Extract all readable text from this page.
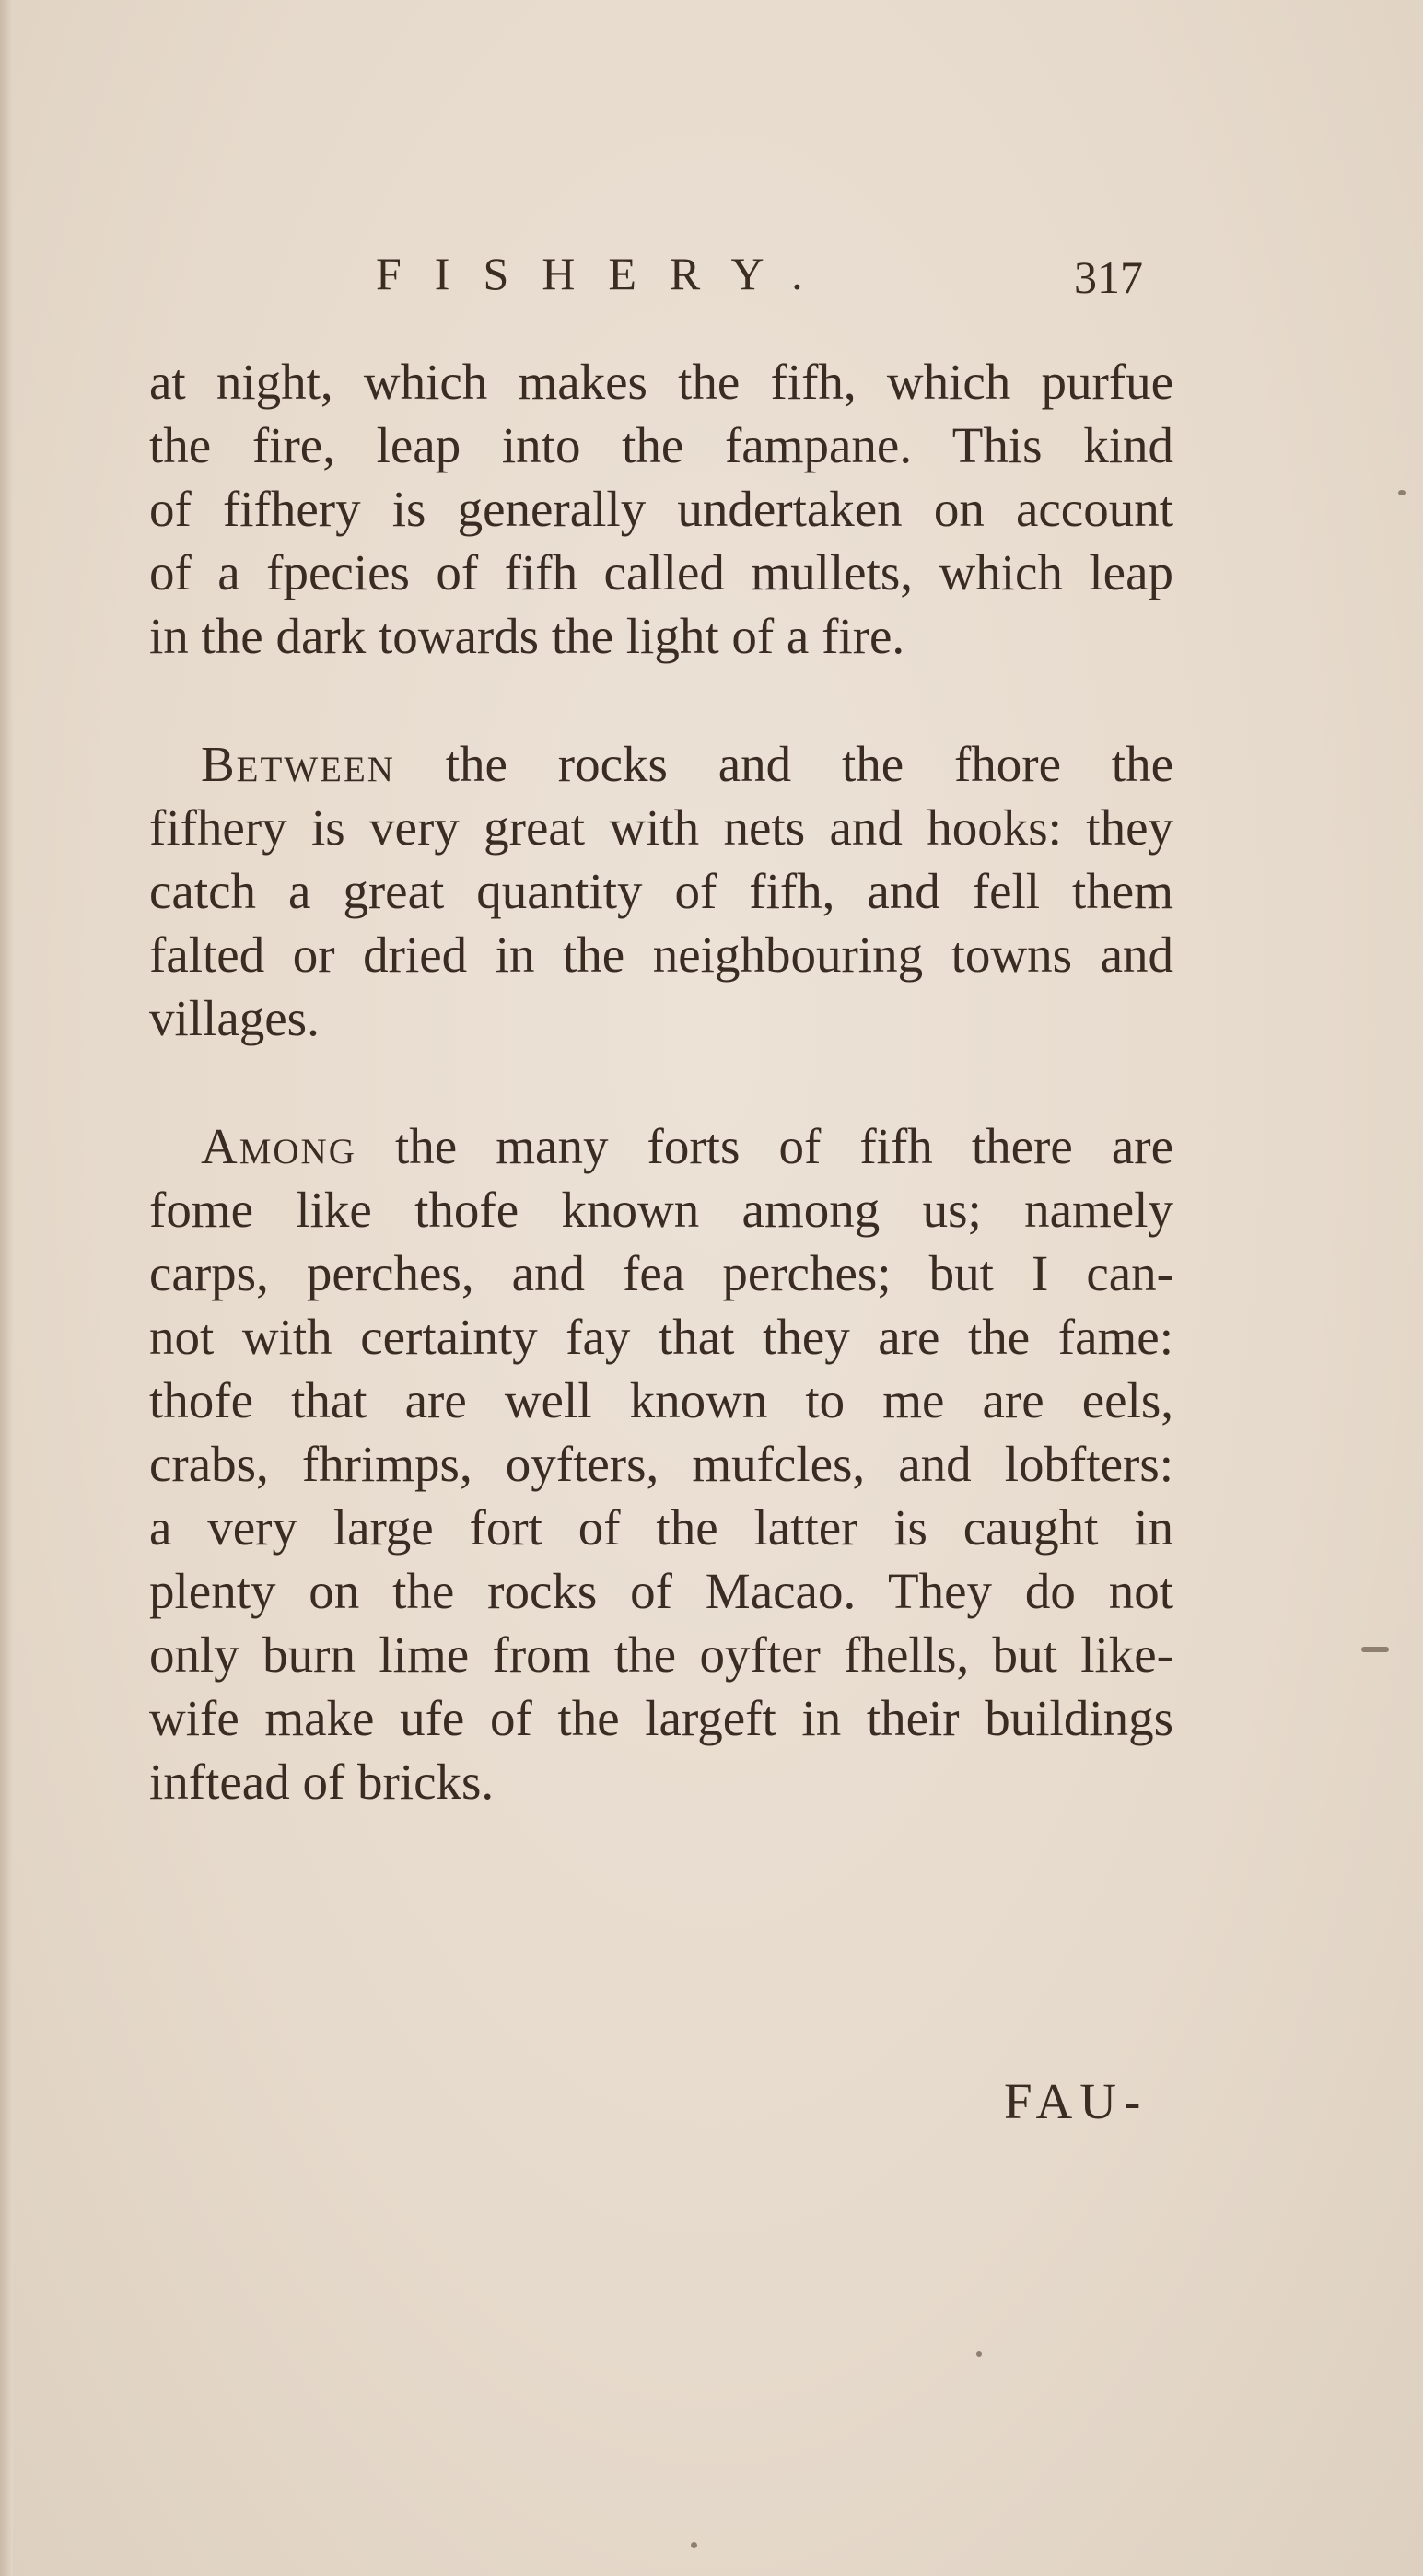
FISHERY.	317

at night, which makes the fifh, which purfue
the fire, leap into the fampane. This kind
of fifhery is generally undertaken on account
of a fpecies of fifh called mullets, which leap
in the dark towards the light of a fire.

Between the rocks and the fhore the
fifhery is very great with nets and hooks: they
catch a great quantity of fifh, and fell them
falted or dried in the neighbouring towns and
villages.

Among the many forts of fifh there are
fome like thofe known among us; namely
carps, perches, and fea perches; but I can-
not with certainty fay that they are the fame:
thofe that are well known to me are eels,
crabs, fhrimps, oyfters, mufcles, and lobfters:
a very large fort of the latter is caught in
plenty on the rocks of Macao. They do not
only burn lime from the oyfter fhells, but like-
wife make ufe of the largeft in their buildings
inftead of bricks.

FAU-
